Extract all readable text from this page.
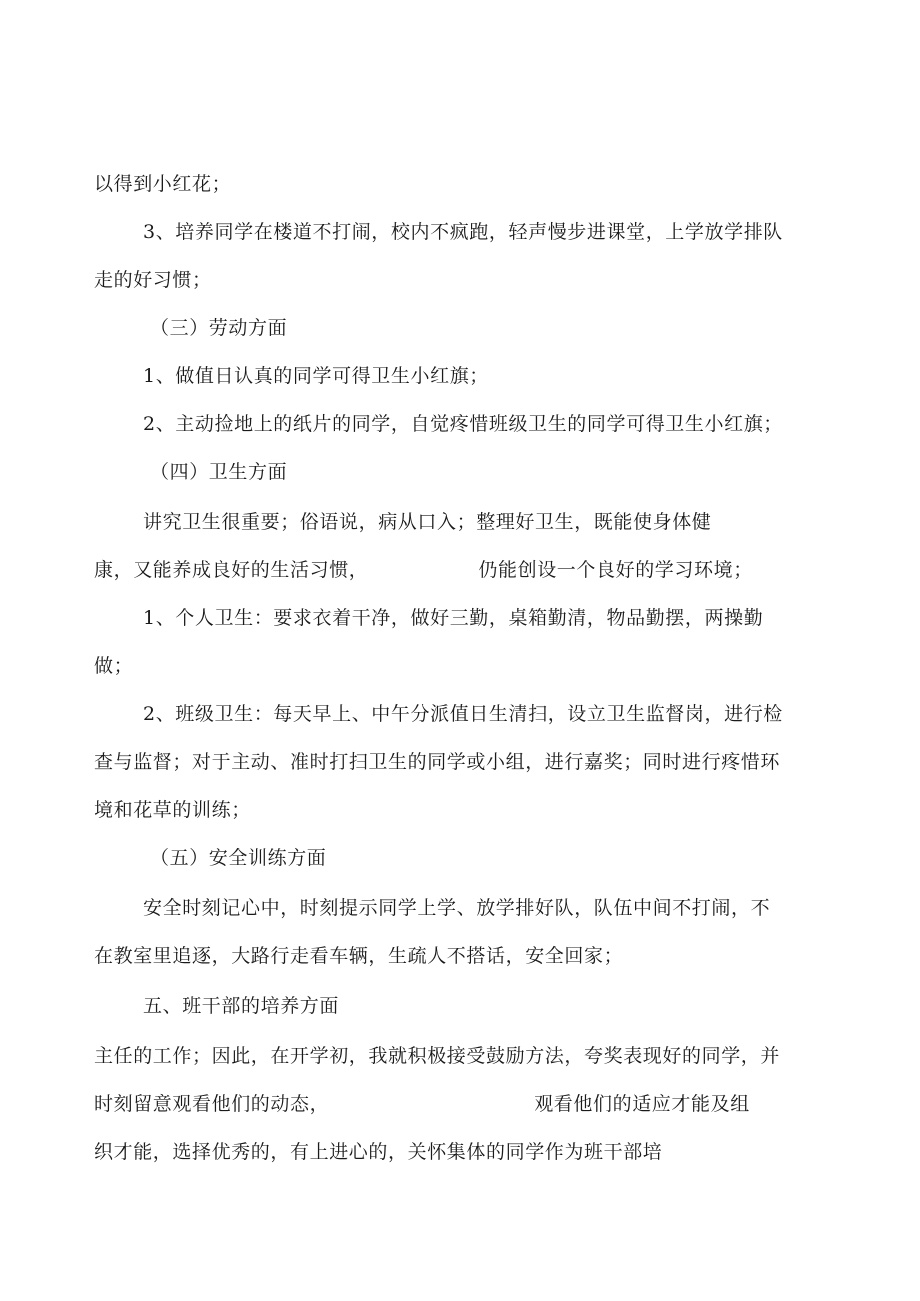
以得到小红花；
3、培养同学在楼道不打闹，校内不疯跑，轻声慢步进课堂，上学放学排队
走的好习惯；
（三）劳动方面
1、做值日认真的同学可得卫生小红旗；
2、主动捡地上的纸片的同学，自觉疼惜班级卫生的同学可得卫生小红旗；
（四）卫生方面
讲究卫生很重要；俗语说，病从口入；整理好卫生，既能使身体健
康，又能养成良好的生活习惯，	仍能创设一个良好的学习环境；
1、个人卫生：要求衣着干净，做好三勤，桌箱勤清，物品勤摆，两操勤
做；
2、班级卫生：每天早上、中午分派值日生清扫，设立卫生监督岗，进行检
查与监督；对于主动、准时打扫卫生的同学或小组，进行嘉奖；同时进行疼惜环
境和花草的训练；
（五）安全训练方面
安全时刻记心中，时刻提示同学上学、放学排好队，队伍中间不打闹，不
在教室里追逐，大路行走看车辆，生疏人不搭话，安全回家；
五、班干部的培养方面
主任的工作；因此，在开学初，我就积极接受鼓励方法，夸奖表现好的同学，并
时刻留意观看他们的动态，	观看他们的适应才能及组
织才能，选择优秀的，有上进心的，关怀集体的同学作为班干部培
